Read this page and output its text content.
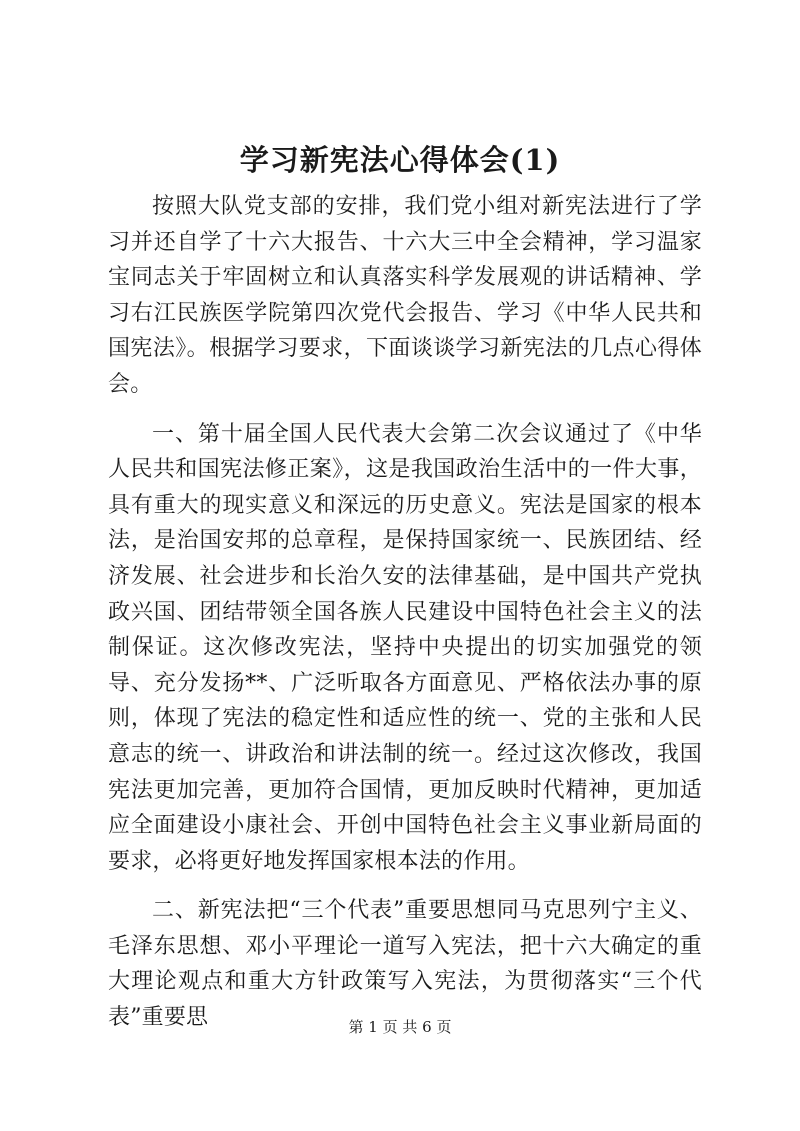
学习新宪法心得体会(1)

按照大队党支部的安排，我们党小组对新宪法进行了学习并还自学了十六大报告、十六大三中全会精神，学习温家宝同志关于牢固树立和认真落实科学发展观的讲话精神、学习右江民族医学院第四次党代会报告、学习《中华人民共和国宪法》。根据学习要求，下面谈谈学习新宪法的几点心得体会。

一、第十届全国人民代表大会第二次会议通过了《中华人民共和国宪法修正案》，这是我国政治生活中的一件大事，具有重大的现实意义和深远的历史意义。宪法是国家的根本法，是治国安邦的总章程，是保持国家统一、民族团结、经济发展、社会进步和长治久安的法律基础，是中国共产党执政兴国、团结带领全国各族人民建设中国特色社会主义的法制保证。这次修改宪法，坚持中央提出的切实加强党的领导、充分发扬**、广泛听取各方面意见、严格依法办事的原则，体现了宪法的稳定性和适应性的统一、党的主张和人民意志的统一、讲政治和讲法制的统一。经过这次修改，我国宪法更加完善，更加符合国情，更加反映时代精神，更加适应全面建设小康社会、开创中国特色社会主义事业新局面的要求，必将更好地发挥国家根本法的作用。

二、新宪法把“三个代表”重要思想同马克思列宁主义、毛泽东思想、邓小平理论一道写入宪法，把十六大确定的重大理论观点和重大方针政策写入宪法，为贯彻落实“三个代表”重要思	第 1 页 共 6 页
